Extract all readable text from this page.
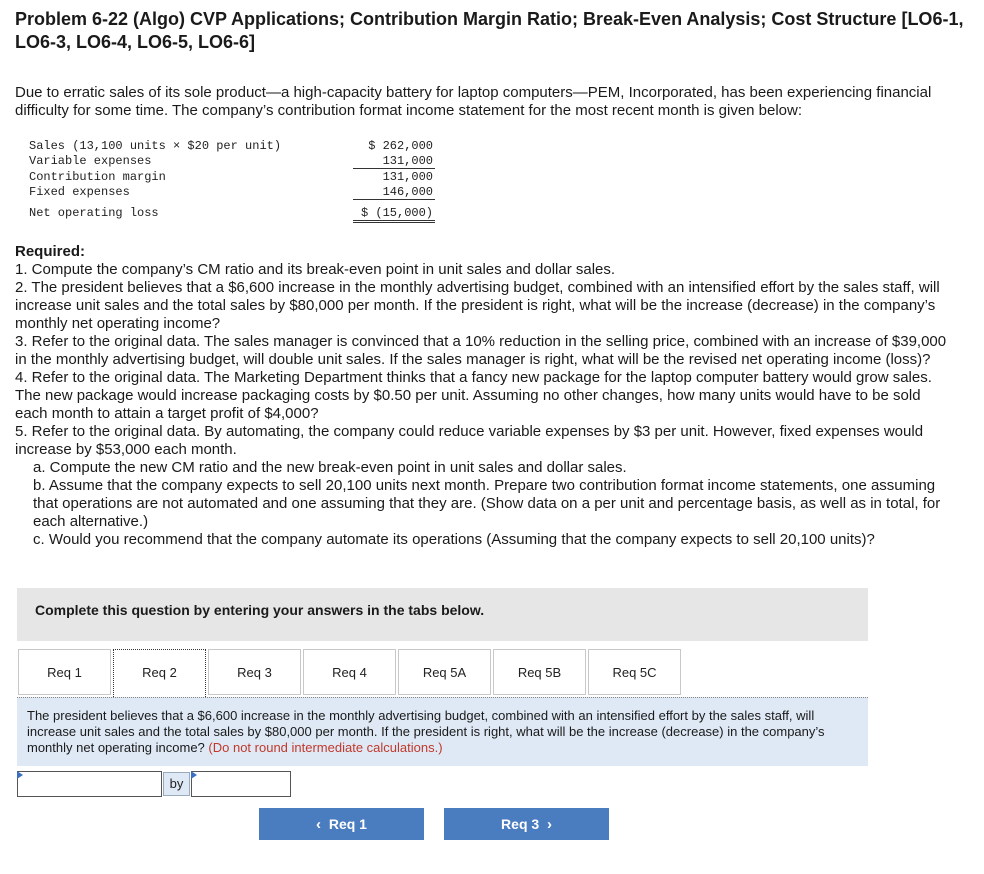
Problem 6-22 (Algo) CVP Applications; Contribution Margin Ratio; Break-Even Analysis; Cost Structure [LO6-1, LO6-3, LO6-4, LO6-5, LO6-6]
Due to erratic sales of its sole product—a high-capacity battery for laptop computers—PEM, Incorporated, has been experiencing financial difficulty for some time. The company’s contribution format income statement for the most recent month is given below:
Sales (13,100 units × $20 per unit)	$ 262,000
Variable expenses	131,000
Contribution margin	131,000
Fixed expenses	146,000
Net operating loss	$ (15,000)
Required:

1. Compute the company’s CM ratio and its break-even point in unit sales and dollar sales.

2. The president believes that a $6,600 increase in the monthly advertising budget, combined with an intensified effort by the sales staff, will increase unit sales and the total sales by $80,000 per month. If the president is right, what will be the increase (decrease) in the company’s monthly net operating income?

3. Refer to the original data. The sales manager is convinced that a 10% reduction in the selling price, combined with an increase of $39,000 in the monthly advertising budget, will double unit sales. If the sales manager is right, what will be the revised net operating income (loss)?

4. Refer to the original data. The Marketing Department thinks that a fancy new package for the laptop computer battery would grow sales. The new package would increase packaging costs by $0.50 per unit. Assuming no other changes, how many units would have to be sold each month to attain a target profit of $4,000?

5. Refer to the original data. By automating, the company could reduce variable expenses by $3 per unit. However, fixed expenses would increase by $53,000 each month.

a. Compute the new CM ratio and the new break-even point in unit sales and dollar sales.

b. Assume that the company expects to sell 20,100 units next month. Prepare two contribution format income statements, one assuming that operations are not automated and one assuming that they are. (Show data on a per unit and percentage basis, as well as in total, for each alternative.)

c. Would you recommend that the company automate its operations (Assuming that the company expects to sell 20,100 units)?

Complete this question by entering your answers in the tabs below.
Req 1	Req 2	Req 3	Req 4	Req 5A	Req 5B	Req 5C
The president believes that a $6,600 increase in the monthly advertising budget, combined with an intensified effort by the sales staff, will increase unit sales and the total sales by $80,000 per month. If the president is right, what will be the increase (decrease) in the company’s monthly net operating income? (Do not round intermediate calculations.)
by
‹ Req 1	Req 3 ›
